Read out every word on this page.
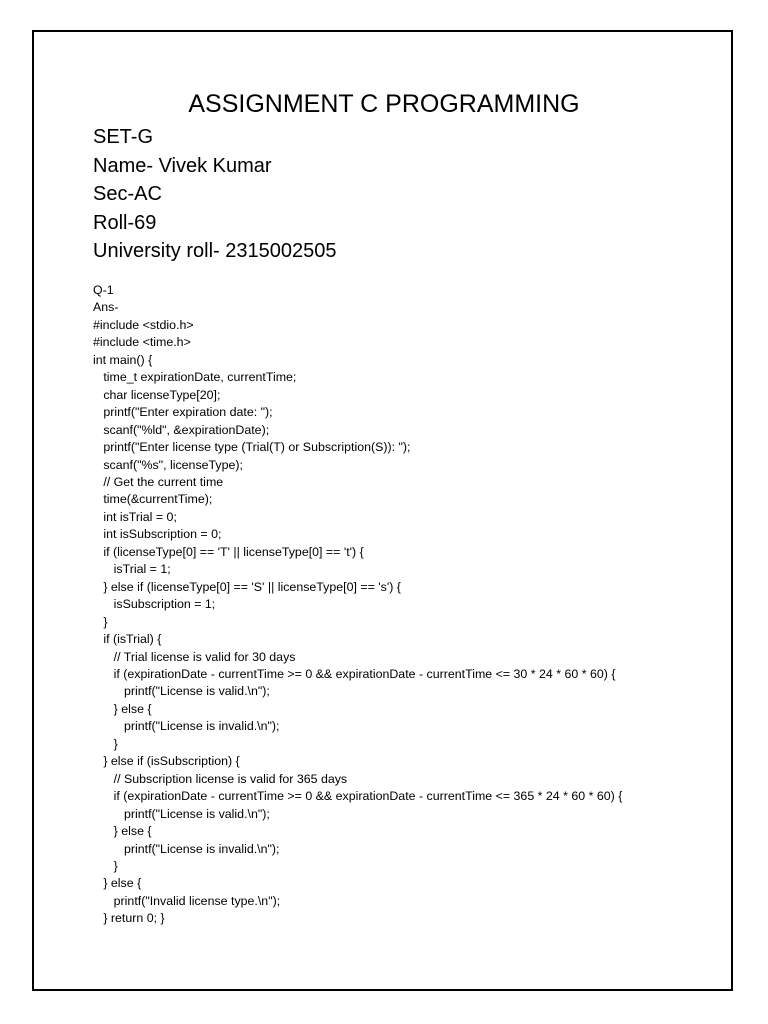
ASSIGNMENT C PROGRAMMING
SET-G
Name- Vivek Kumar
Sec-AC
Roll-69
University roll- 2315002505
Q-1
Ans-
#include <stdio.h>
#include <time.h>
int main() {
time_t expirationDate, currentTime;
char licenseType[20];
printf("Enter expiration date: ");
scanf("%ld", &expirationDate);
printf("Enter license type (Trial(T) or Subscription(S)): ");
scanf("%s", licenseType);
// Get the current time
time(&currentTime);
int isTrial = 0;
int isSubscription = 0;
if (licenseType[0] == 'T' || licenseType[0] == 't') {
isTrial = 1;
} else if (licenseType[0] == 'S' || licenseType[0] == 's') {
isSubscription = 1;
}
if (isTrial) {
// Trial license is valid for 30 days
if (expirationDate - currentTime >= 0 && expirationDate - currentTime <= 30 * 24 * 60 * 60) {
printf("License is valid.\n");
} else {
printf("License is invalid.\n");
}
} else if (isSubscription) {
// Subscription license is valid for 365 days
if (expirationDate - currentTime >= 0 && expirationDate - currentTime <= 365 * 24 * 60 * 60) {
printf("License is valid.\n");
} else {
printf("License is invalid.\n");
}
} else {
printf("Invalid license type.\n");
} return 0; }
